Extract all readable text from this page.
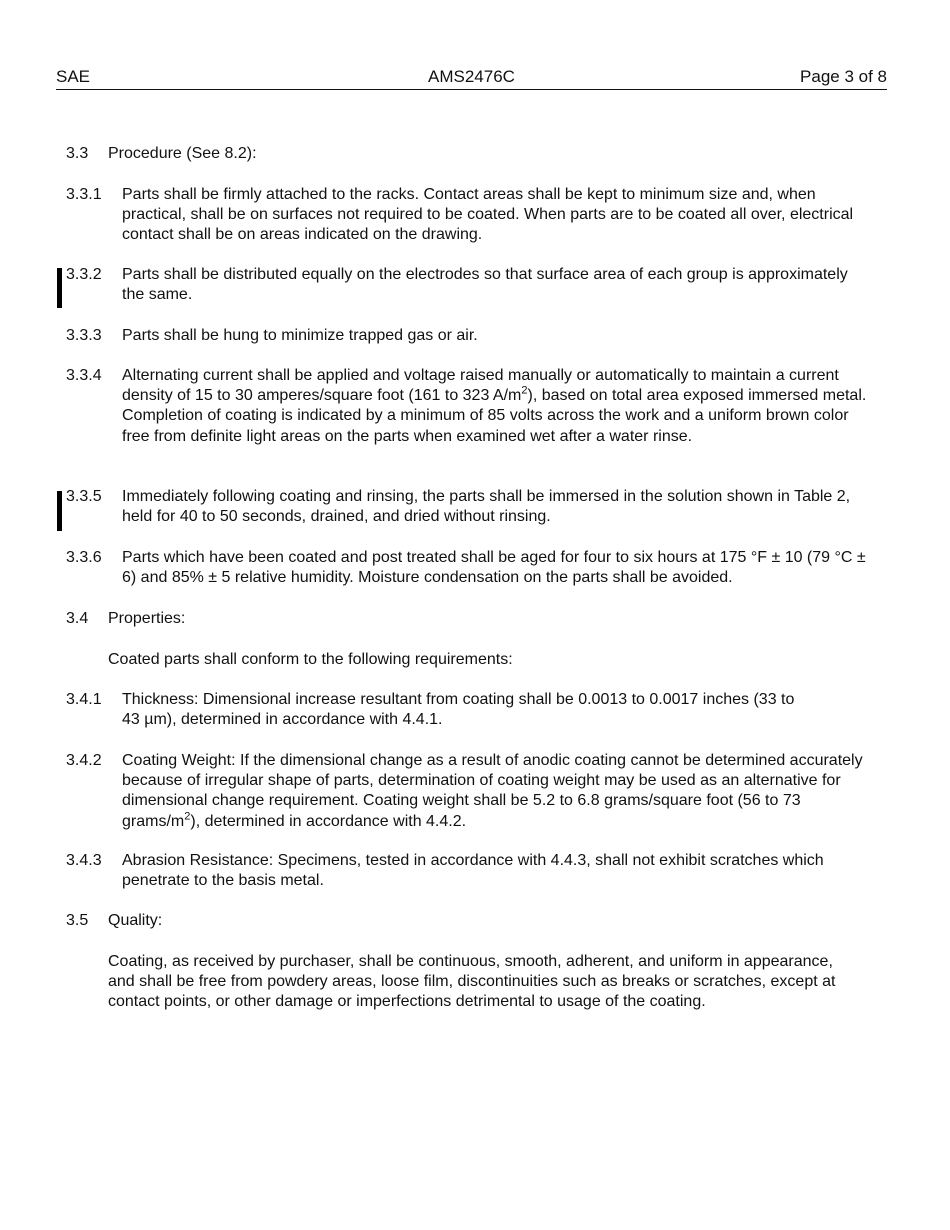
SAE	AMS2476C	Page 3 of 8
3.3 Procedure (See 8.2):
3.3.1 Parts shall be firmly attached to the racks. Contact areas shall be kept to minimum size and, when practical, shall be on surfaces not required to be coated. When parts are to be coated all over, electrical contact shall be on areas indicated on the drawing.
3.3.2 Parts shall be distributed equally on the electrodes so that surface area of each group is approximately the same.
3.3.3 Parts shall be hung to minimize trapped gas or air.
3.3.4 Alternating current shall be applied and voltage raised manually or automatically to maintain a current density of 15 to 30 amperes/square foot (161 to 323 $A/m^2$), based on total area exposed immersed metal. Completion of coating is indicated by a minimum of 85 volts across the work and a uniform brown color free from definite light areas on the parts when examined wet after a water rinse.
3.3.5 Immediately following coating and rinsing, the parts shall be immersed in the solution shown in Table 2, held for 40 to 50 seconds, drained, and dried without rinsing.
3.3.6 Parts which have been coated and post treated shall be aged for four to six hours at 175 °F ± 10 (79 °C ± 6) and 85% ± 5 relative humidity. Moisture condensation on the parts shall be avoided.
3.4 Properties:
Coated parts shall conform to the following requirements:
3.4.1 Thickness: Dimensional increase resultant from coating shall be 0.0013 to 0.0017 inches (33 to 43 µm), determined in accordance with 4.4.1.
3.4.2 Coating Weight: If the dimensional change as a result of anodic coating cannot be determined accurately because of irregular shape of parts, determination of coating weight may be used as an alternative for dimensional change requirement. Coating weight shall be 5.2 to 6.8 grams/square foot (56 to 73 grams/$m^2$), determined in accordance with 4.4.2.
3.4.3 Abrasion Resistance: Specimens, tested in accordance with 4.4.3, shall not exhibit scratches which penetrate to the basis metal.
3.5 Quality:
Coating, as received by purchaser, shall be continuous, smooth, adherent, and uniform in appearance, and shall be free from powdery areas, loose film, discontinuities such as breaks or scratches, except at contact points, or other damage or imperfections detrimental to usage of the coating.
